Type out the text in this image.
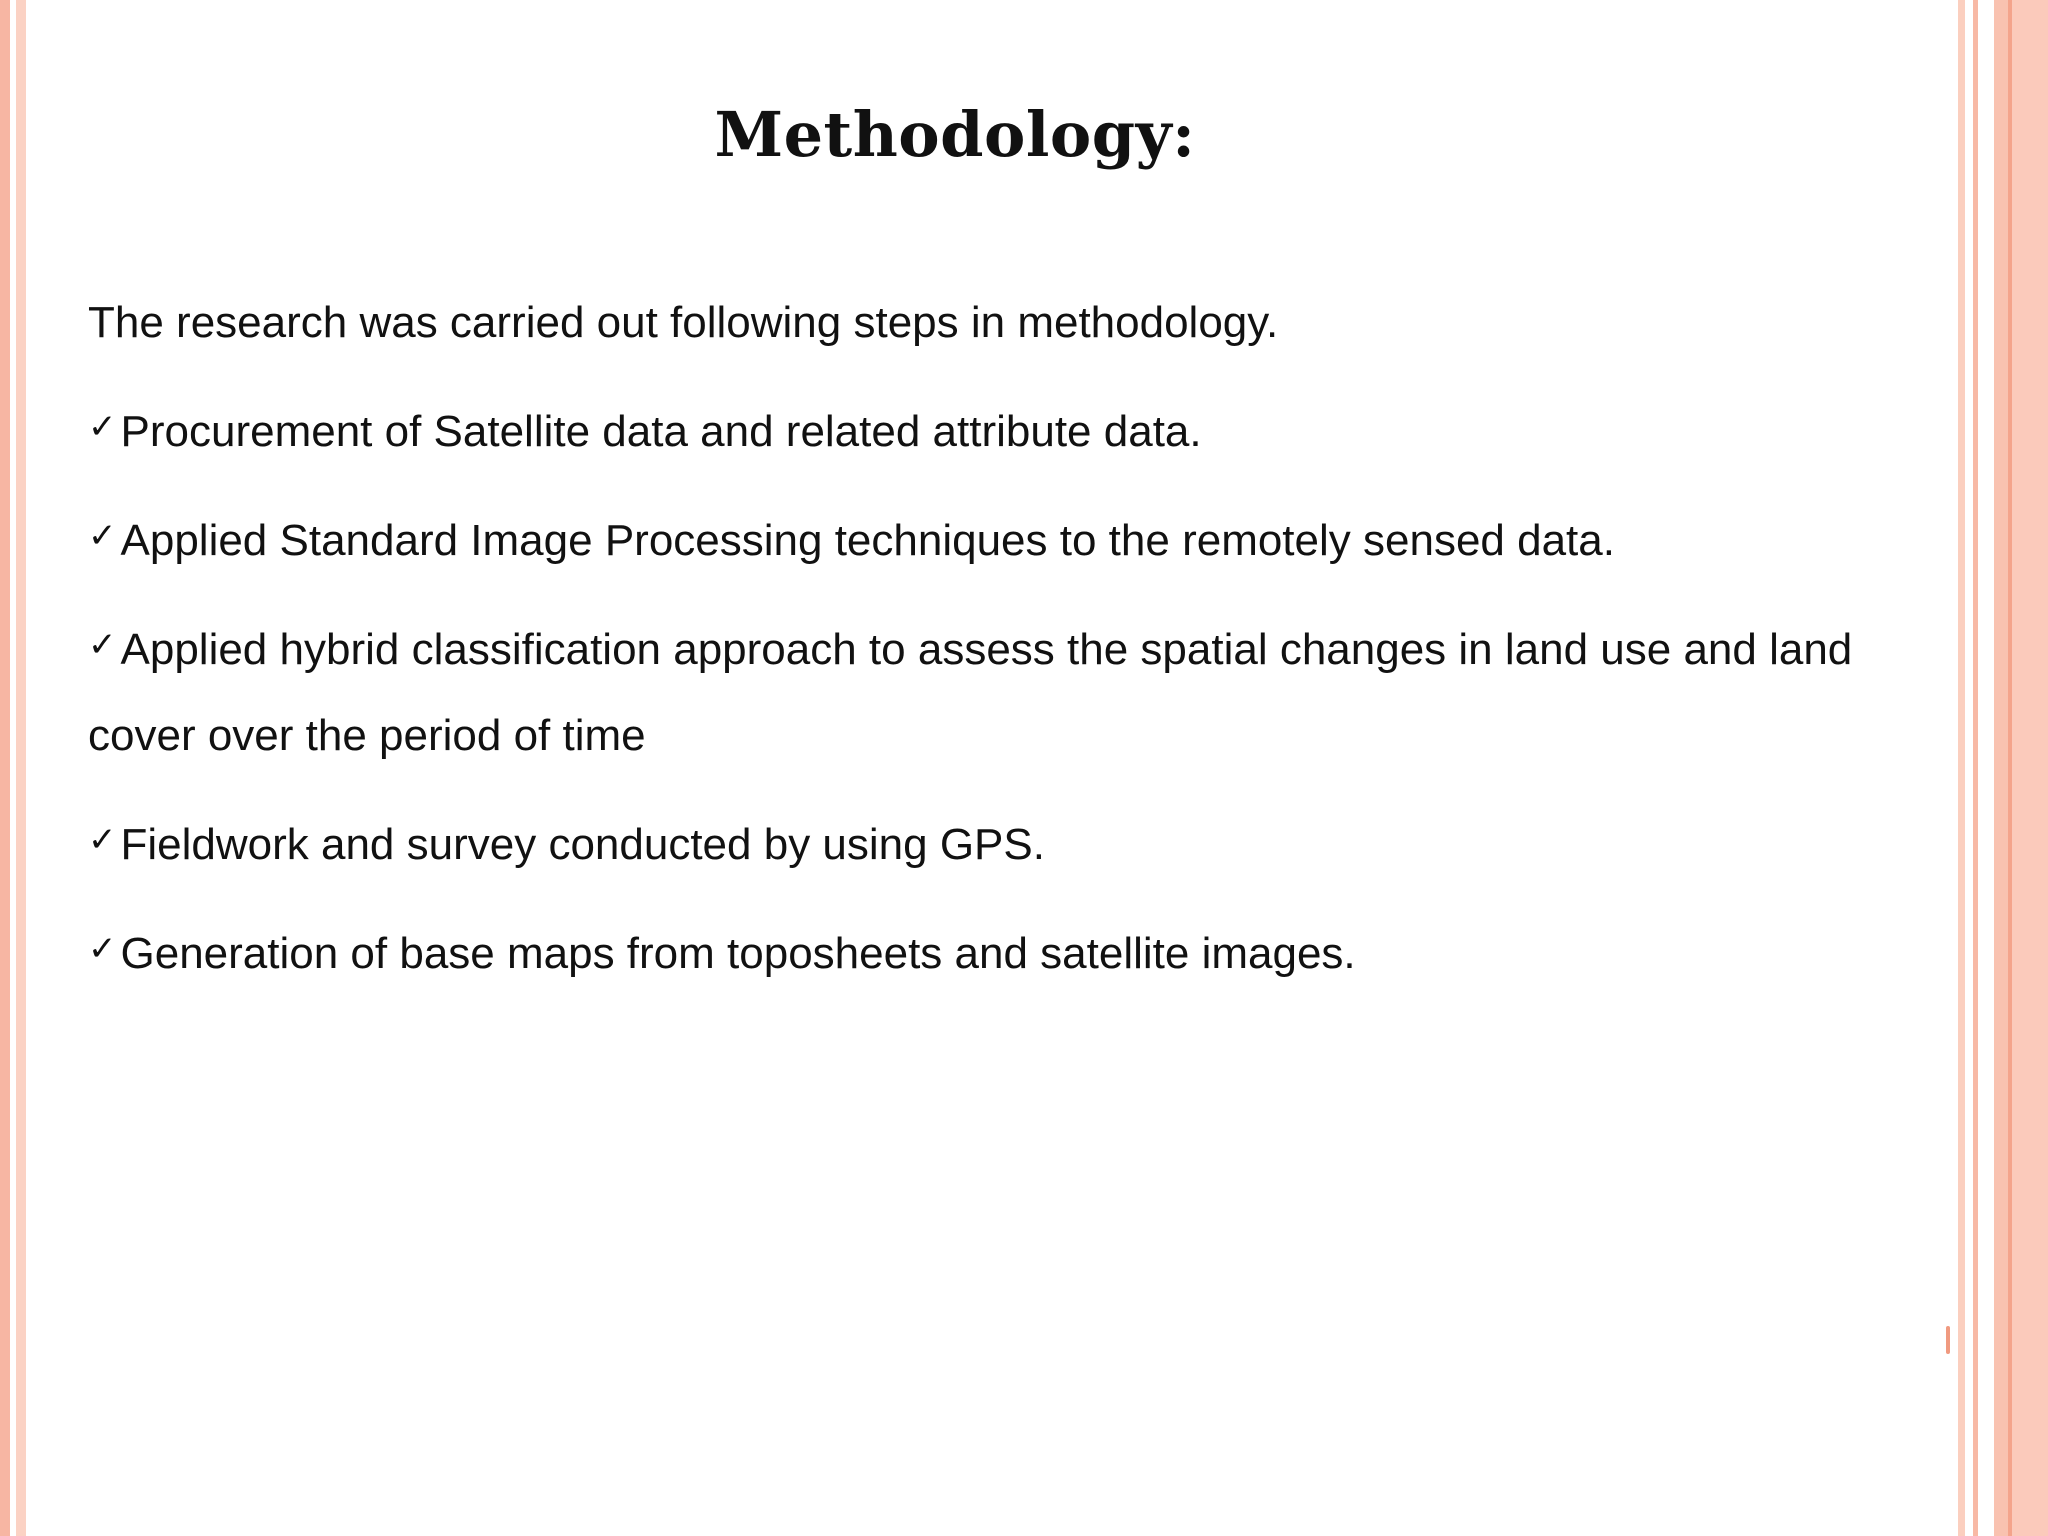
Methodology:

The research was carried out following steps in methodology.

✓Procurement of Satellite data and related attribute data.
✓Applied Standard Image Processing techniques to the remotely sensed data.
✓Applied hybrid classification approach to assess the spatial changes in land use and land cover over the period of time
✓Fieldwork and survey conducted by using GPS.
✓Generation of base maps from toposheets and satellite images.
